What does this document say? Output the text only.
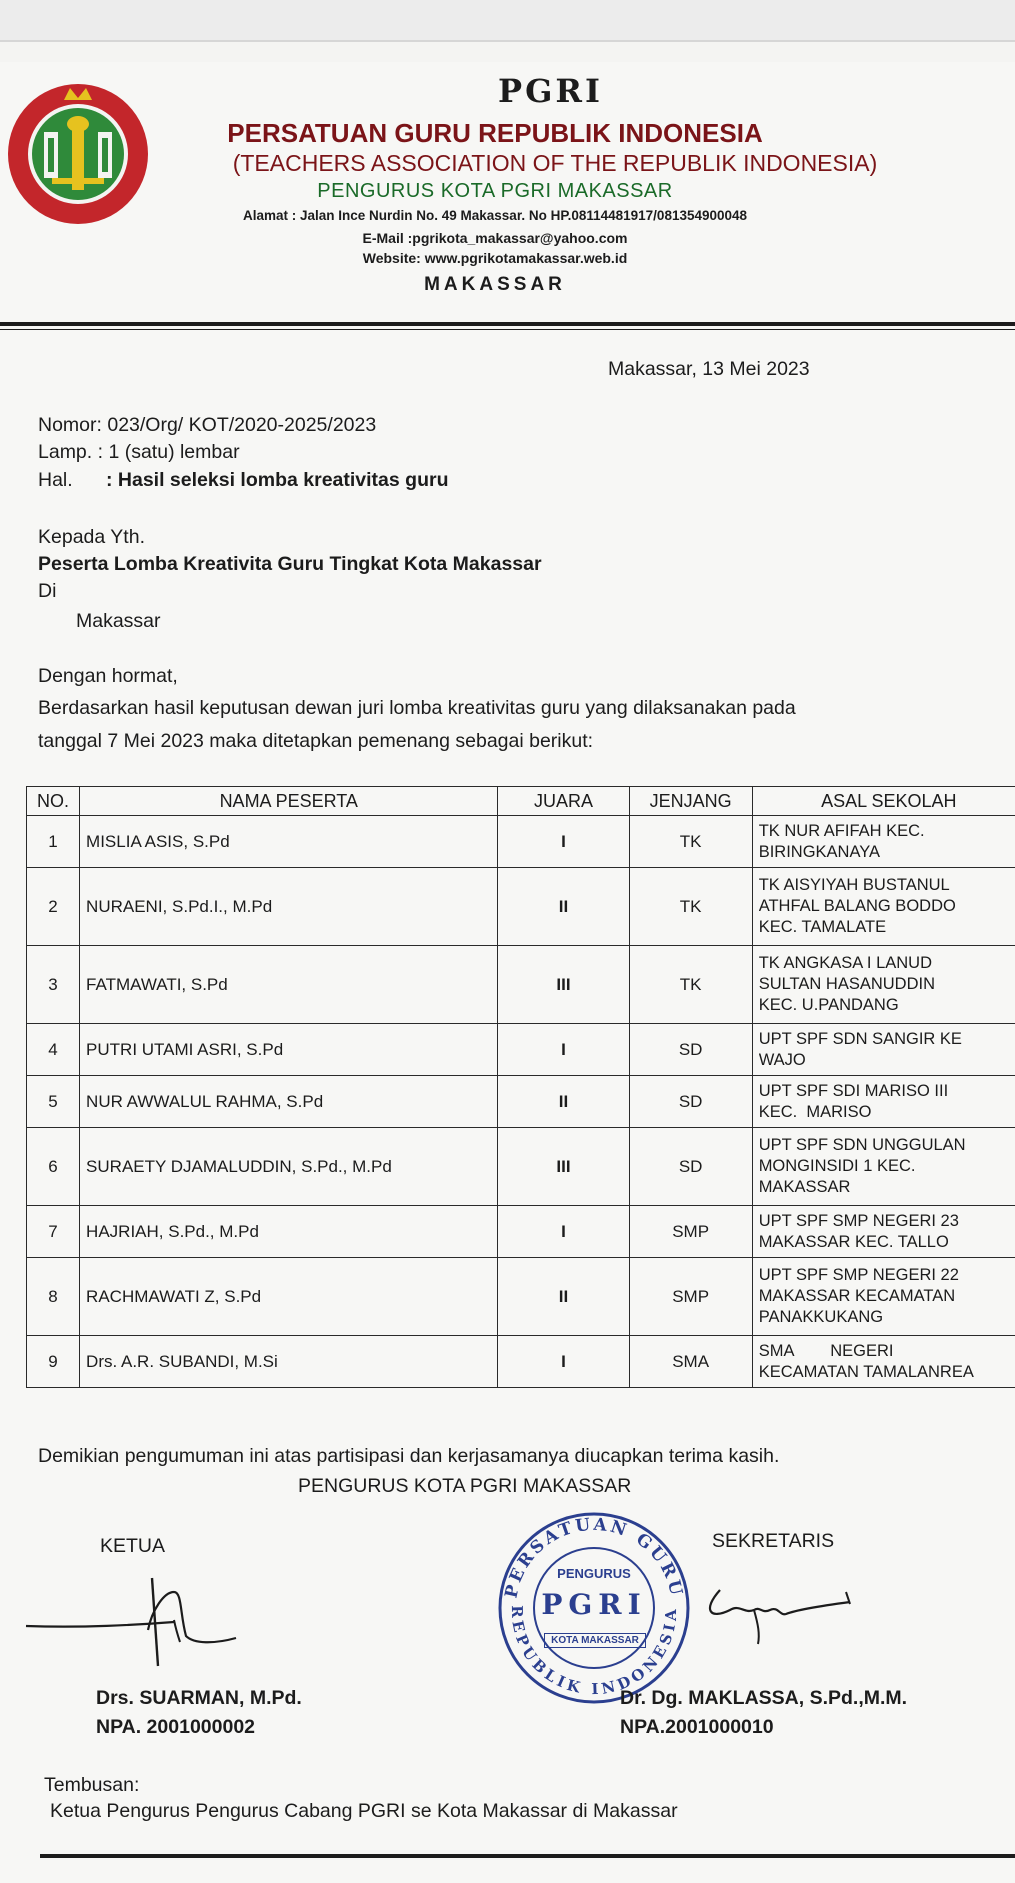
PGRI
PERSATUAN GURU REPUBLIK INDONESIA
(TEACHERS ASSOCIATION OF THE REPUBLIK INDONESIA)
PENGURUS KOTA PGRI MAKASSAR
Alamat : Jalan Ince Nurdin No. 49 Makassar. No HP.08114481917/081354900048
E-Mail :pgrikota_makassar@yahoo.com
Website: www.pgrikotamakassar.web.id
MAKASSAR
Makassar, 13 Mei 2023
Nomor: 023/Org/ KOT/2020-2025/2023
Lamp. : 1 (satu) lembar
Hal. : Hasil seleksi lomba kreativitas guru
Kepada Yth.
Peserta Lomba Kreativita Guru Tingkat Kota Makassar
Di
Makassar
Dengan hormat,
Berdasarkan hasil keputusan dewan juri lomba kreativitas guru yang dilaksanakan pada
tanggal 7 Mei 2023 maka ditetapkan pemenang sebagai berikut:
NO.	NAMA PESERTA	JUARA	JENJANG	ASAL SEKOLAH
1	MISLIA ASIS, S.Pd	I	TK	TK NUR AFIFAH KEC.
BIRINGKANAYA

2	NURAENI, S.Pd.I., M.Pd	II	TK	TK AISYIYAH BUSTANUL
ATHFAL BALANG BODDO
KEC. TAMALATE

3	FATMAWATI, S.Pd	III	TK	TK ANGKASA I LANUD
SULTAN HASANUDDIN
KEC. U.PANDANG

4	PUTRI UTAMI ASRI, S.Pd	I	SD	UPT SPF SDN SANGIR KE
WAJO

5	NUR AWWALUL RAHMA, S.Pd	II	SD	UPT SPF SDI MARISO III
KEC.  MARISO

6	SURAETY DJAMALUDDIN, S.Pd., M.Pd	III	SD	UPT SPF SDN UNGGULAN
MONGINSIDI 1 KEC.
MAKASSAR

7	HAJRIAH, S.Pd., M.Pd	I	SMP	UPT SPF SMP NEGERI 23
MAKASSAR KEC. TALLO

8	RACHMAWATI Z, S.Pd	II	SMP	UPT SPF SMP NEGERI 22
MAKASSAR KECAMATAN
PANAKKUKANG

9	Drs. A.R. SUBANDI, M.Si	I	SMA	SMA        NEGERI
KECAMATAN TAMALANREA
Demikian pengumuman ini atas partisipasi dan kerjasamanya diucapkan terima kasih.
PENGURUS KOTA PGRI MAKASSAR
KETUA
Drs. SUARMAN, M.Pd.
NPA. 2001000002
PERSATUAN GURU
REPUBLIK INDONESIA
PENGURUS
PGRI
KOTA MAKASSAR
SEKRETARIS
Dr. Dg. MAKLASSA, S.Pd.,M.M.
NPA.2001000010
Tembusan:
Ketua Pengurus Pengurus Cabang PGRI se Kota Makassar di Makassar
